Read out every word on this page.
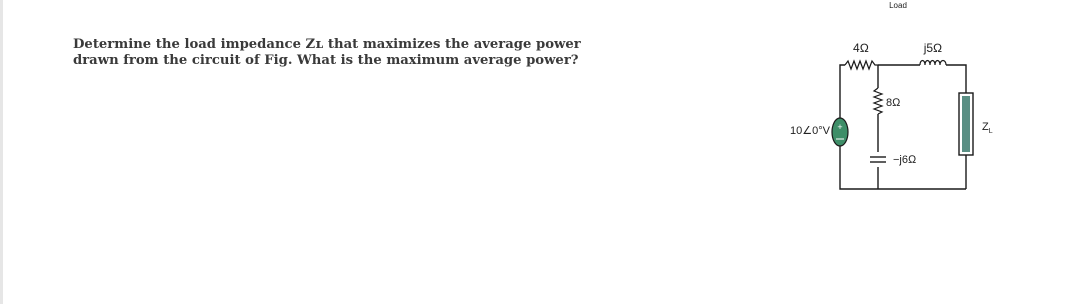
Determine the load impedance Zʟ that maximizes the average power
drawn from the circuit of Fig. What is the maximum average power?
+
Load
4Ω	j5Ω
8Ω
−j6Ω
10∠0°V	$Z_L$
